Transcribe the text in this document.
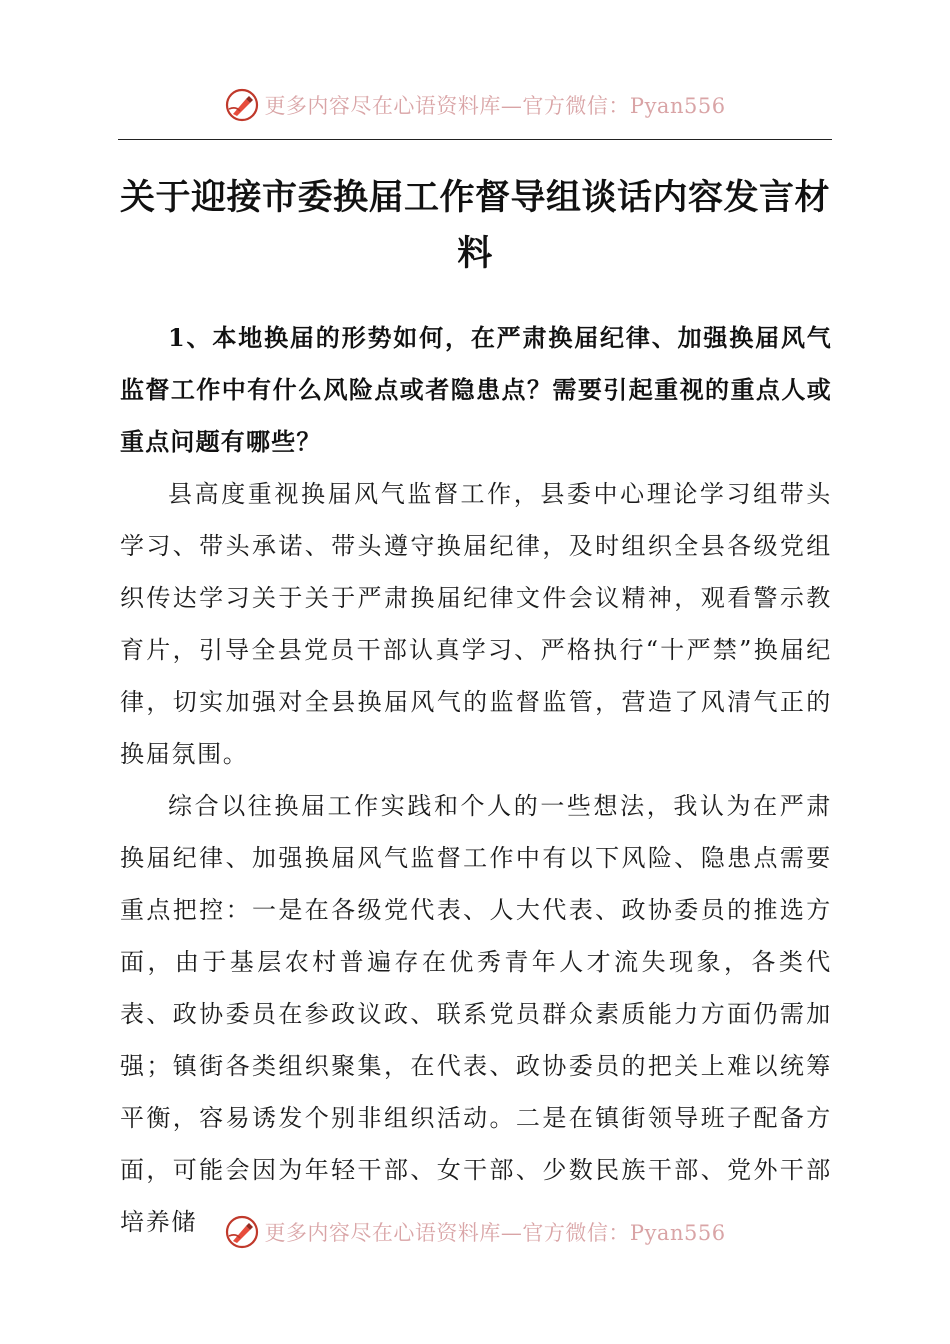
更多内容尽在心语资料库—官方微信：Pyan556
关于迎接市委换届工作督导组谈话内容发言材料

1、本地换届的形势如何，在严肃换届纪律、加强换届风气监督工作中有什么风险点或者隐患点？需要引起重视的重点人或重点问题有哪些？

县高度重视换届风气监督工作，县委中心理论学习组带头学习、带头承诺、带头遵守换届纪律，及时组织全县各级党组织传达学习关于关于严肃换届纪律文件会议精神，观看警示教育片，引导全县党员干部认真学习、严格执行“十严禁”换届纪律，切实加强对全县换届风气的监督监管，营造了风清气正的换届氛围。

综合以往换届工作实践和个人的一些想法，我认为在严肃换届纪律、加强换届风气监督工作中有以下风险、隐患点需要重点把控：一是在各级党代表、人大代表、政协委员的推选方面，由于基层农村普遍存在优秀青年人才流失现象，各类代表、政协委员在参政议政、联系党员群众素质能力方面仍需加强；镇街各类组织聚集，在代表、政协委员的把关上难以统筹平衡，容易诱发个别非组织活动。二是在镇街领导班子配备方面，可能会因为年轻干部、女干部、少数民族干部、党外干部培养储	更多内容尽在心语资料库—官方微信：Pyan556
